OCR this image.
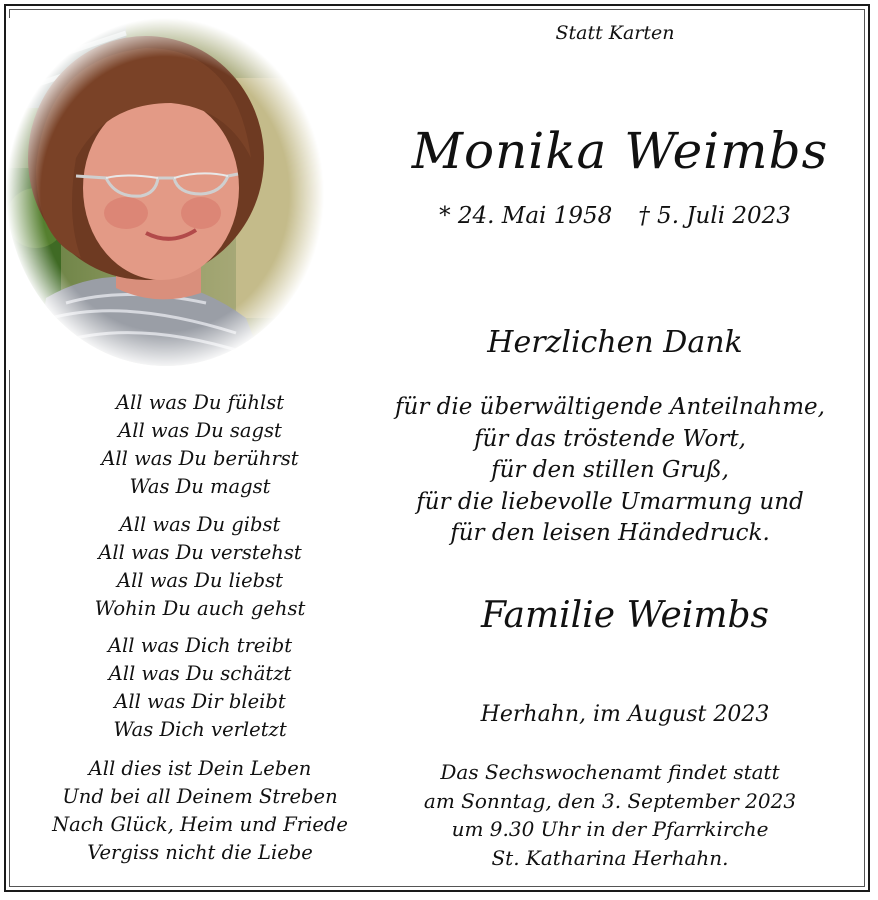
Statt Karten
Monika Weimbs
* 24. Mai 1958 † 5. Juli 2023
Herzlichen Dank
für die überwältigende Anteilnahme,
für das tröstende Wort,
für den stillen Gruß,
für die liebevolle Umarmung und
für den leisen Händedruck.
Familie Weimbs
Herhahn, im August 2023
Das Sechswochenamt findet statt
am Sonntag, den 3. September 2023
um 9.30 Uhr in der Pfarrkirche
St. Katharina Herhahn.
All was Du fühlst
All was Du sagst
All was Du berührst
Was Du magst
All was Du gibst
All was Du verstehst
All was Du liebst
Wohin Du auch gehst
All was Dich treibt
All was Du schätzt
All was Dir bleibt
Was Dich verletzt
All dies ist Dein Leben
Und bei all Deinem Streben
Nach Glück, Heim und Friede
Vergiss nicht die Liebe
